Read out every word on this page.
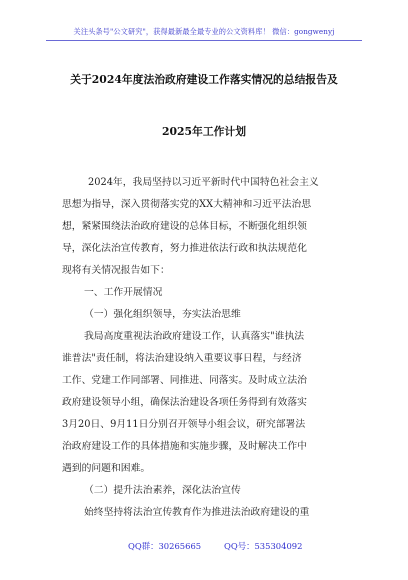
关注头条号"公文研究"，获得最新最全最专业的公文资料库！ 微信：gongwenyj
关于2024年度法治政府建设工作落实情况的总结报告及
2025年工作计划
2024年，我局坚持以习近平新时代中国特色社会主义
思想为指导，深入贯彻落实党的XX大精神和习近平法治思
想，紧紧围绕法治政府建设的总体目标，不断强化组织领
导，深化法治宣传教育，努力推进依法行政和执法规范化
现将有关情况报告如下：
一、工作开展情况
（一）强化组织领导，夯实法治思维
我局高度重视法治政府建设工作，认真落实"谁执法
谁普法"责任制，将法治建设纳入重要议事日程，与经济
工作、党建工作同部署、同推进、同落实。及时成立法治
政府建设领导小组，确保法治建设各项任务得到有效落实
3月20日、9月11日分别召开领导小组会议，研究部署法
治政府建设工作的具体措施和实施步骤，及时解决工作中
遇到的问题和困难。
（二）提升法治素养，深化法治宣传
始终坚持将法治宣传教育作为推进法治政府建设的重
QQ群：30265665	QQ号：535304092
